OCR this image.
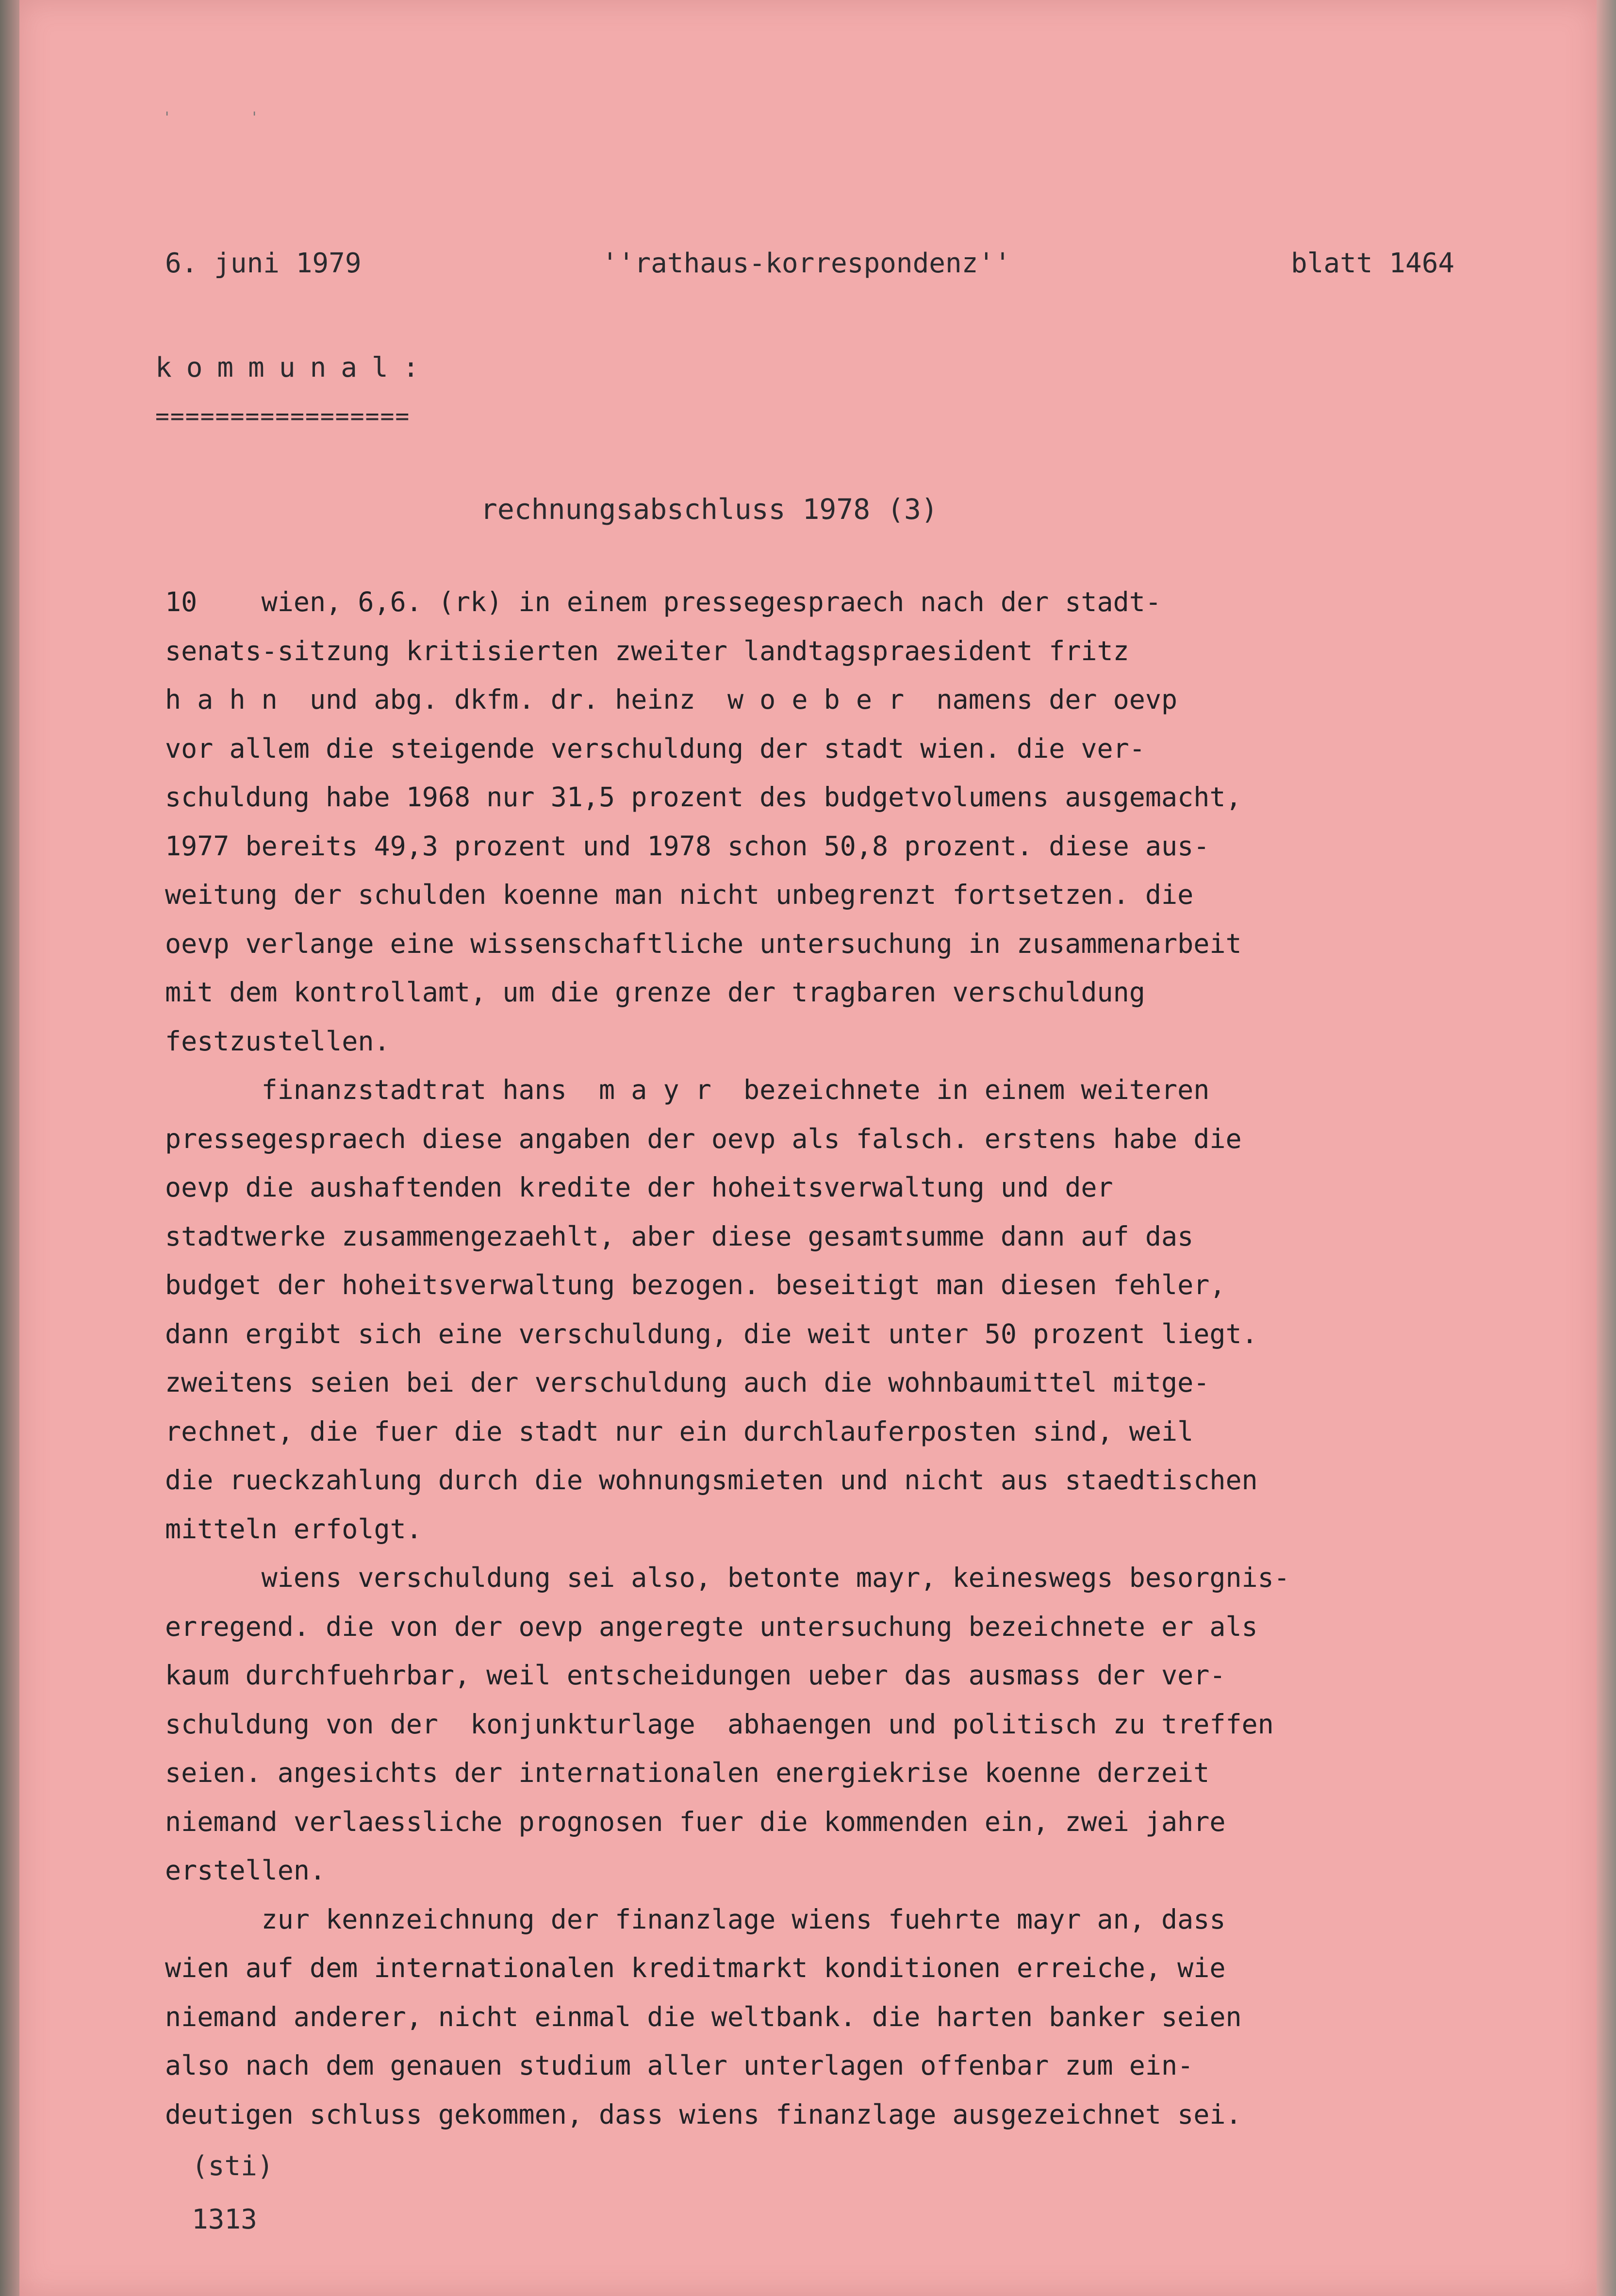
'	'
6. juni 1979	''rathaus-korrespondenz''	blatt 1464
kommunal:
=================
rechnungsabschluss 1978 (3)
10    wien, 6,6. (rk) in einem pressegespraech nach der stadt-
senats-sitzung kritisierten zweiter landtagspraesident fritz
h a h n  und abg. dkfm. dr. heinz  w o e b e r  namens der oevp
vor allem die steigende verschuldung der stadt wien. die ver-
schuldung habe 1968 nur 31,5 prozent des budgetvolumens ausgemacht,
1977 bereits 49,3 prozent und 1978 schon 50,8 prozent. diese aus-
weitung der schulden koenne man nicht unbegrenzt fortsetzen. die
oevp verlange eine wissenschaftliche untersuchung in zusammenarbeit
mit dem kontrollamt, um die grenze der tragbaren verschuldung
festzustellen.
finanzstadtrat hans  m a y r  bezeichnete in einem weiteren
pressegespraech diese angaben der oevp als falsch. erstens habe die
oevp die aushaftenden kredite der hoheitsverwaltung und der
stadtwerke zusammengezaehlt, aber diese gesamtsumme dann auf das
budget der hoheitsverwaltung bezogen. beseitigt man diesen fehler,
dann ergibt sich eine verschuldung, die weit unter 50 prozent liegt.
zweitens seien bei der verschuldung auch die wohnbaumittel mitge-
rechnet, die fuer die stadt nur ein durchlauferposten sind, weil
die rueckzahlung durch die wohnungsmieten und nicht aus staedtischen
mitteln erfolgt.
wiens verschuldung sei also, betonte mayr, keineswegs besorgnis-
erregend. die von der oevp angeregte untersuchung bezeichnete er als
kaum durchfuehrbar, weil entscheidungen ueber das ausmass der ver-
schuldung von der  konjunkturlage  abhaengen und politisch zu treffen
seien. angesichts der internationalen energiekrise koenne derzeit
niemand verlaessliche prognosen fuer die kommenden ein, zwei jahre
erstellen.
zur kennzeichnung der finanzlage wiens fuehrte mayr an, dass
wien auf dem internationalen kreditmarkt konditionen erreiche, wie
niemand anderer, nicht einmal die weltbank. die harten banker seien
also nach dem genauen studium aller unterlagen offenbar zum ein-
deutigen schluss gekommen, dass wiens finanzlage ausgezeichnet sei.
(sti)
1313
